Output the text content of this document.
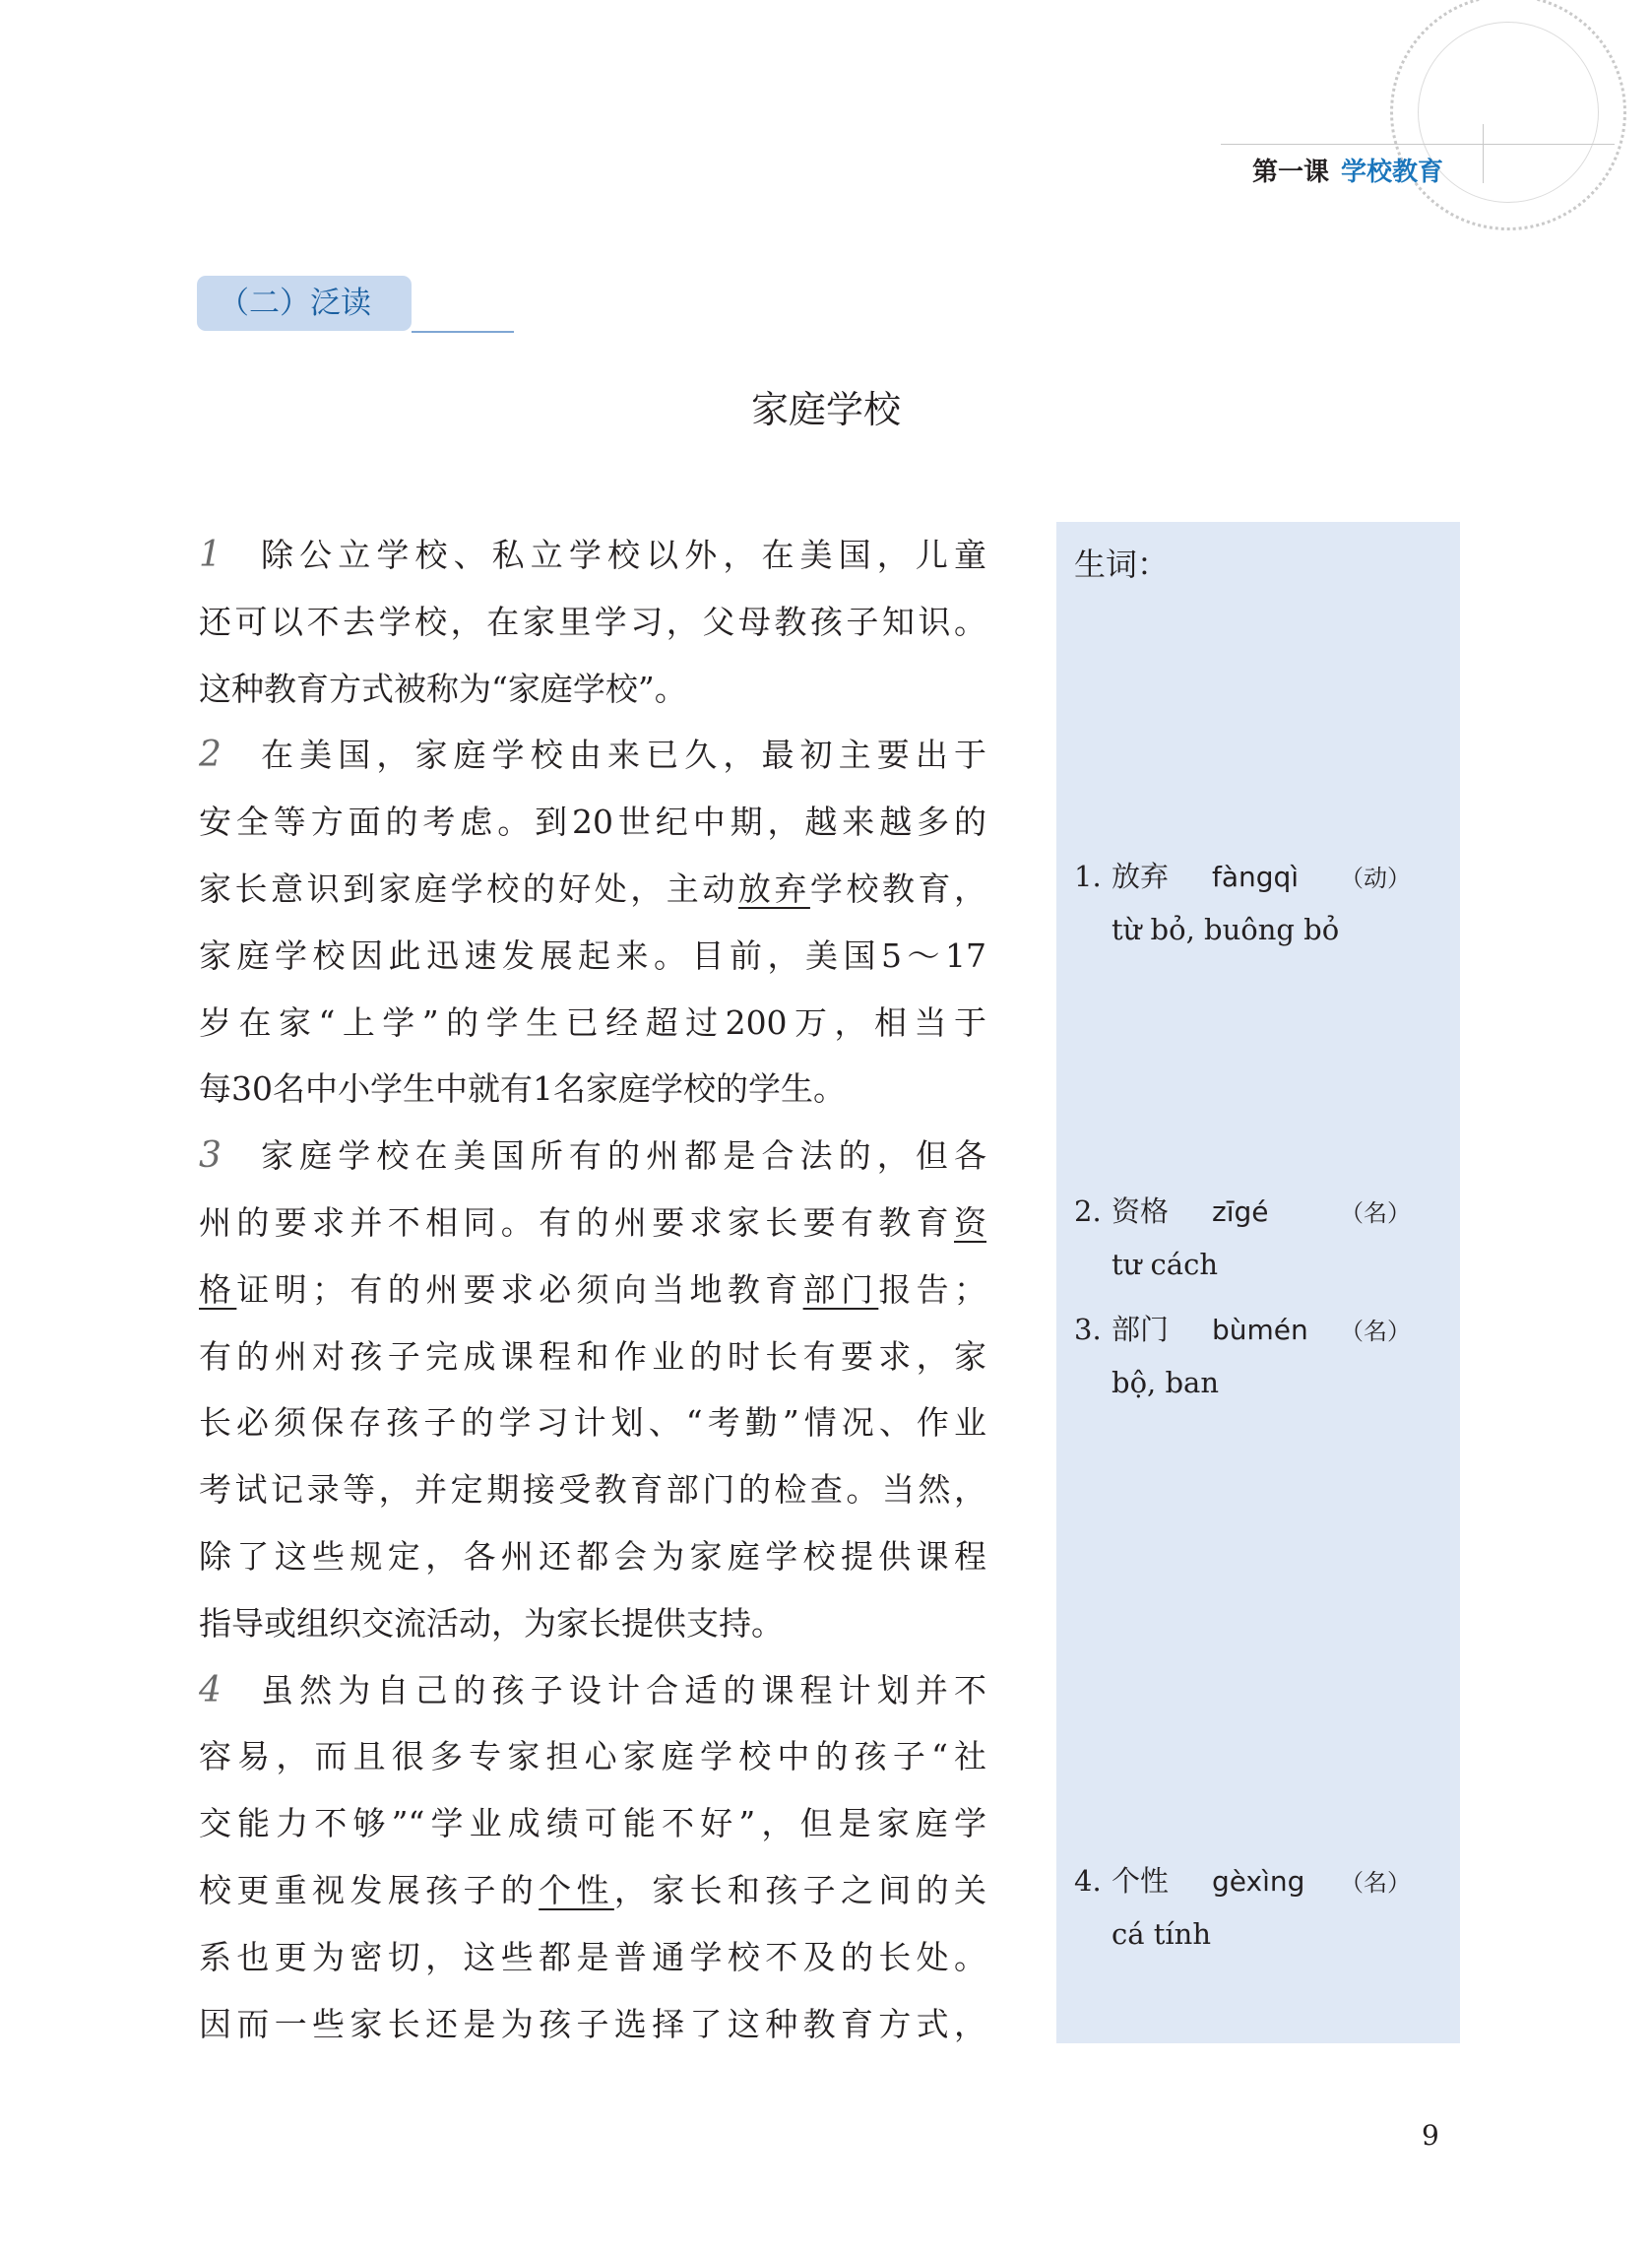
第一课 学校教育
（二）泛读
家庭学校
1 除公立学校、私立学校以外，在美国，儿童
还可以不去学校，在家里学习，父母教孩子知识。
这种教育方式被称为“家庭学校”。
2 在美国，家庭学校由来已久，最初主要出于
安全等方面的考虑。到20世纪中期，越来越多的
家长意识到家庭学校的好处，主动放弃学校教育，
家庭学校因此迅速发展起来。目前，美国5～17
岁在家“上学”的学生已经超过200万，相当于
每30名中小学生中就有1名家庭学校的学生。
3 家庭学校在美国所有的州都是合法的，但各
州的要求并不相同。有的州要求家长要有教育资
格证明；有的州要求必须向当地教育部门报告；
有的州对孩子完成课程和作业的时长有要求，家
长必须保存孩子的学习计划、“考勤”情况、作业
考试记录等，并定期接受教育部门的检查。当然，
除了这些规定，各州还都会为家庭学校提供课程
指导或组织交流活动，为家长提供支持。
4 虽然为自己的孩子设计合适的课程计划并不
容易，而且很多专家担心家庭学校中的孩子“社
交能力不够”“学业成绩可能不好”，但是家庭学
校更重视发展孩子的个性，家长和孩子之间的关
系也更为密切，这些都是普通学校不及的长处。
因而一些家长还是为孩子选择了这种教育方式，
生词：
1. 放弃 fàngqì （动）
từ bỏ, buông bỏ
2. 资格 zīgé	（名）
tư cách
3. 部门 bùmén （名）
bộ, ban
4. 个性 gèxìng （名）
cá tính
9
